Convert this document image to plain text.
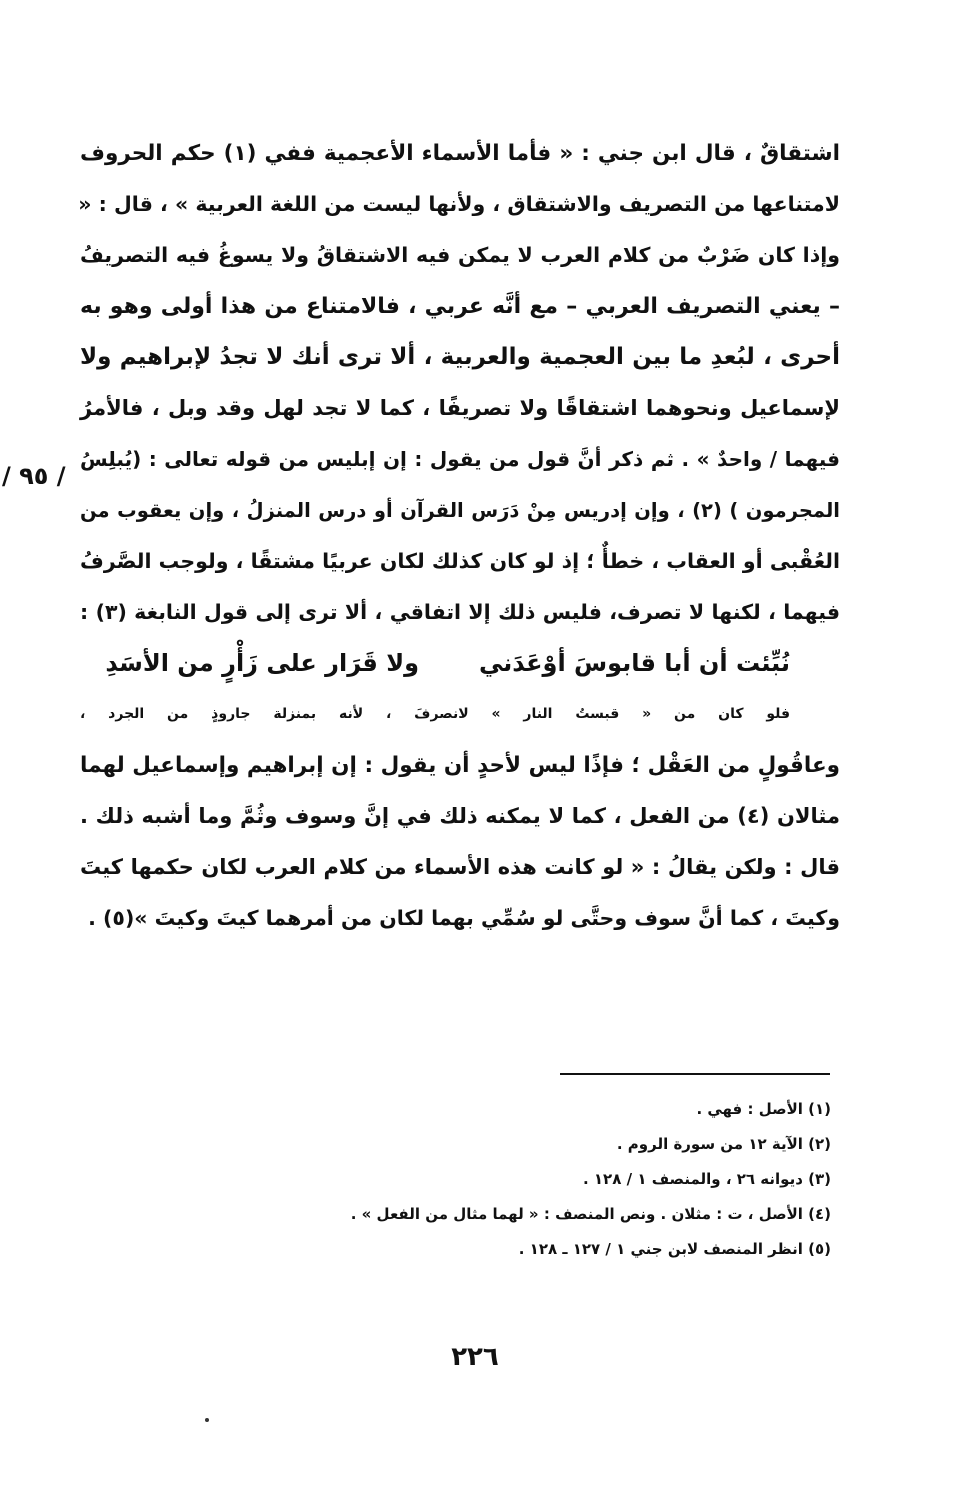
اشتقاقٌ ، قال ابن جني : « فأما الأسماء الأعجمية ففي (١) حكم الحروف
لامتناعها من التصريف والاشتقاق ، ولأنها ليست من اللغة العربية » ، قال : «
وإذا كان ضَرْبٌ من كلام العرب لا يمكن فيه الاشتقاقُ ولا يسوغُ فيه التصريفُ
– يعني التصريف العربي – مع أنَّه عربي ، فالامتناع من هذا أولى وهو به
أحرى ، لبُعدِ ما بين العجمية والعربية ، ألا ترى أنك لا تجدُ لإبراهيم ولا
لإسماعيل ونحوهما اشتقاقًا ولا تصريفًا ، كما لا تجد لهل وقد وبل ، فالأمرُ
فيهما / واحدٌ » . ثم ذكر أنَّ قول من يقول : إن إبليس من قوله تعالى : (يُبلِسُ
المجرمون ) (٢) ، وإن إدريس مِنْ دَرَس القرآن أو درس المنزلُ ، وإن يعقوب من
العُقْبى أو العقاب ، خطأٌ ؛ إذ لو كان كذلك لكان عربيًا مشتقًا ، ولوجب الصَّرفُ
فيهما ، لكنها لا تصرف، فليس ذلك إلا اتفاقي ، ألا ترى إلى قول النابغة (٣) :
نُبِّئت أن أبا قابوسَ أوْعَدَني
ولا قَرَار على زَأْرٍ من الأسَدِ
فلو كان من « قبستُ النار » لانصرفَ ، لأنه بمنزلة جاروذٍ من الجرد ،
وعاقُولٍ من العَقْل ؛ فإذًا ليس لأحدٍ أن يقول : إن إبراهيم وإسماعيل لهما
مثالان (٤) من الفعل ، كما لا يمكنه ذلك في إنَّ وسوف وثُمَّ وما أشبه ذلك .
قال : ولكن يقالُ : « لو كانت هذه الأسماء من كلام العرب لكان حكمها كيتَ
وكيتَ ، كما أنَّ سوف وحتَّى لو سُمِّي بهما لكان من أمرهما كيتَ وكيتَ »(٥) .
/ ٩٥ /
(١) الأصل : فهي .
(٢) الآية ١٢ من سورة الروم .
(٣) ديوانه ٢٦ ، والمنصف ١ / ١٢٨ .
(٤) الأصل ، ت : مثلان . ونص المنصف : « لهما مثال من الفعل » .
(٥) انظر المنصف لابن جني ١ / ١٢٧ ـ ١٢٨ .
٢٢٦
